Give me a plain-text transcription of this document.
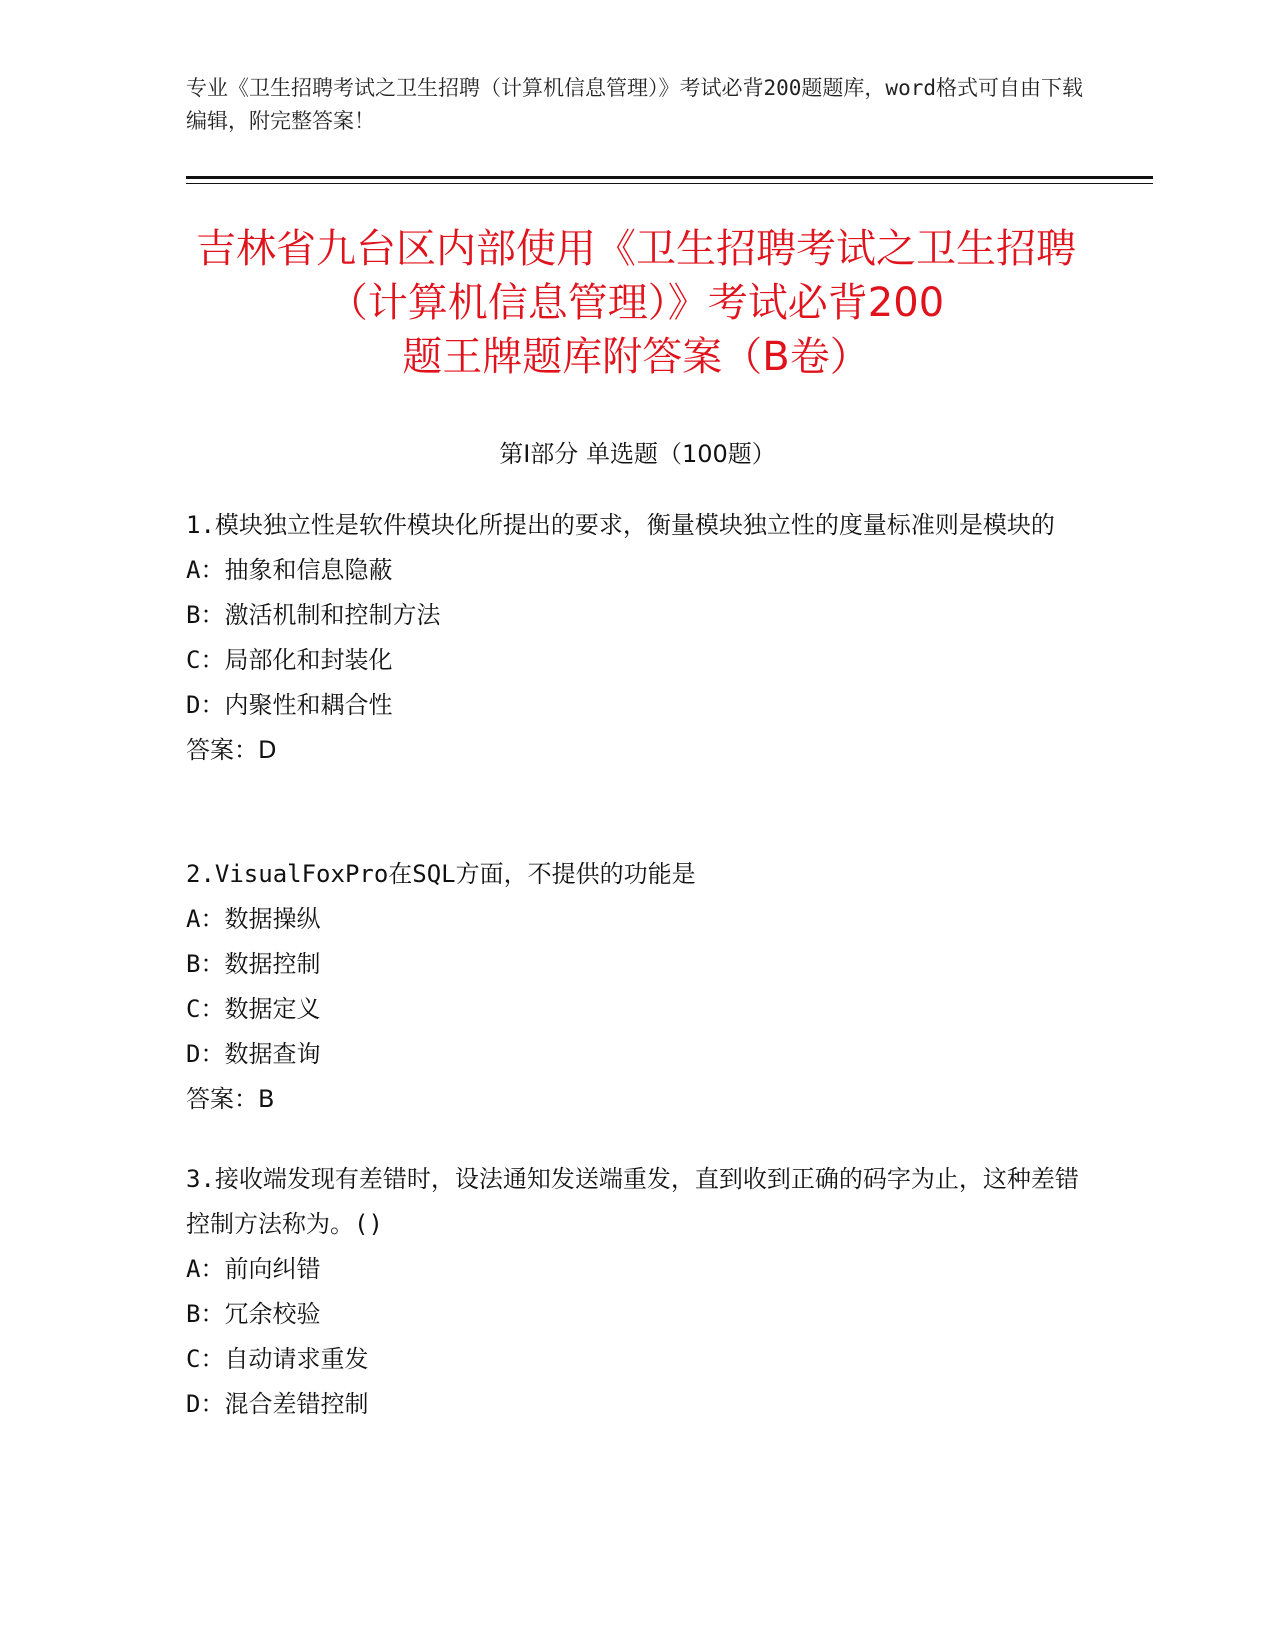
专业《卫生招聘考试之卫生招聘（计算机信息管理）》考试必背200题题库，word格式可自由下载编辑，附完整答案！
吉林省九台区内部使用《卫生招聘考试之卫生招聘（计算机信息管理）》考试必背200
题王牌题库附答案（B卷）
第Ⅰ部分 单选题（100题）

1.模块独立性是软件模块化所提出的要求，衡量模块独立性的度量标准则是模块的

A：抽象和信息隐蔽

B：激活机制和控制方法

C：局部化和封装化

D：内聚性和耦合性

答案：D

2.VisualFoxPro在SQL方面，不提供的功能是

A：数据操纵

B：数据控制

C：数据定义

D：数据查询

答案：B

3.接收端发现有差错时，设法通知发送端重发，直到收到正确的码字为止，这种差错控制方法称为。()

A：前向纠错

B：冗余校验

C：自动请求重发

D：混合差错控制
